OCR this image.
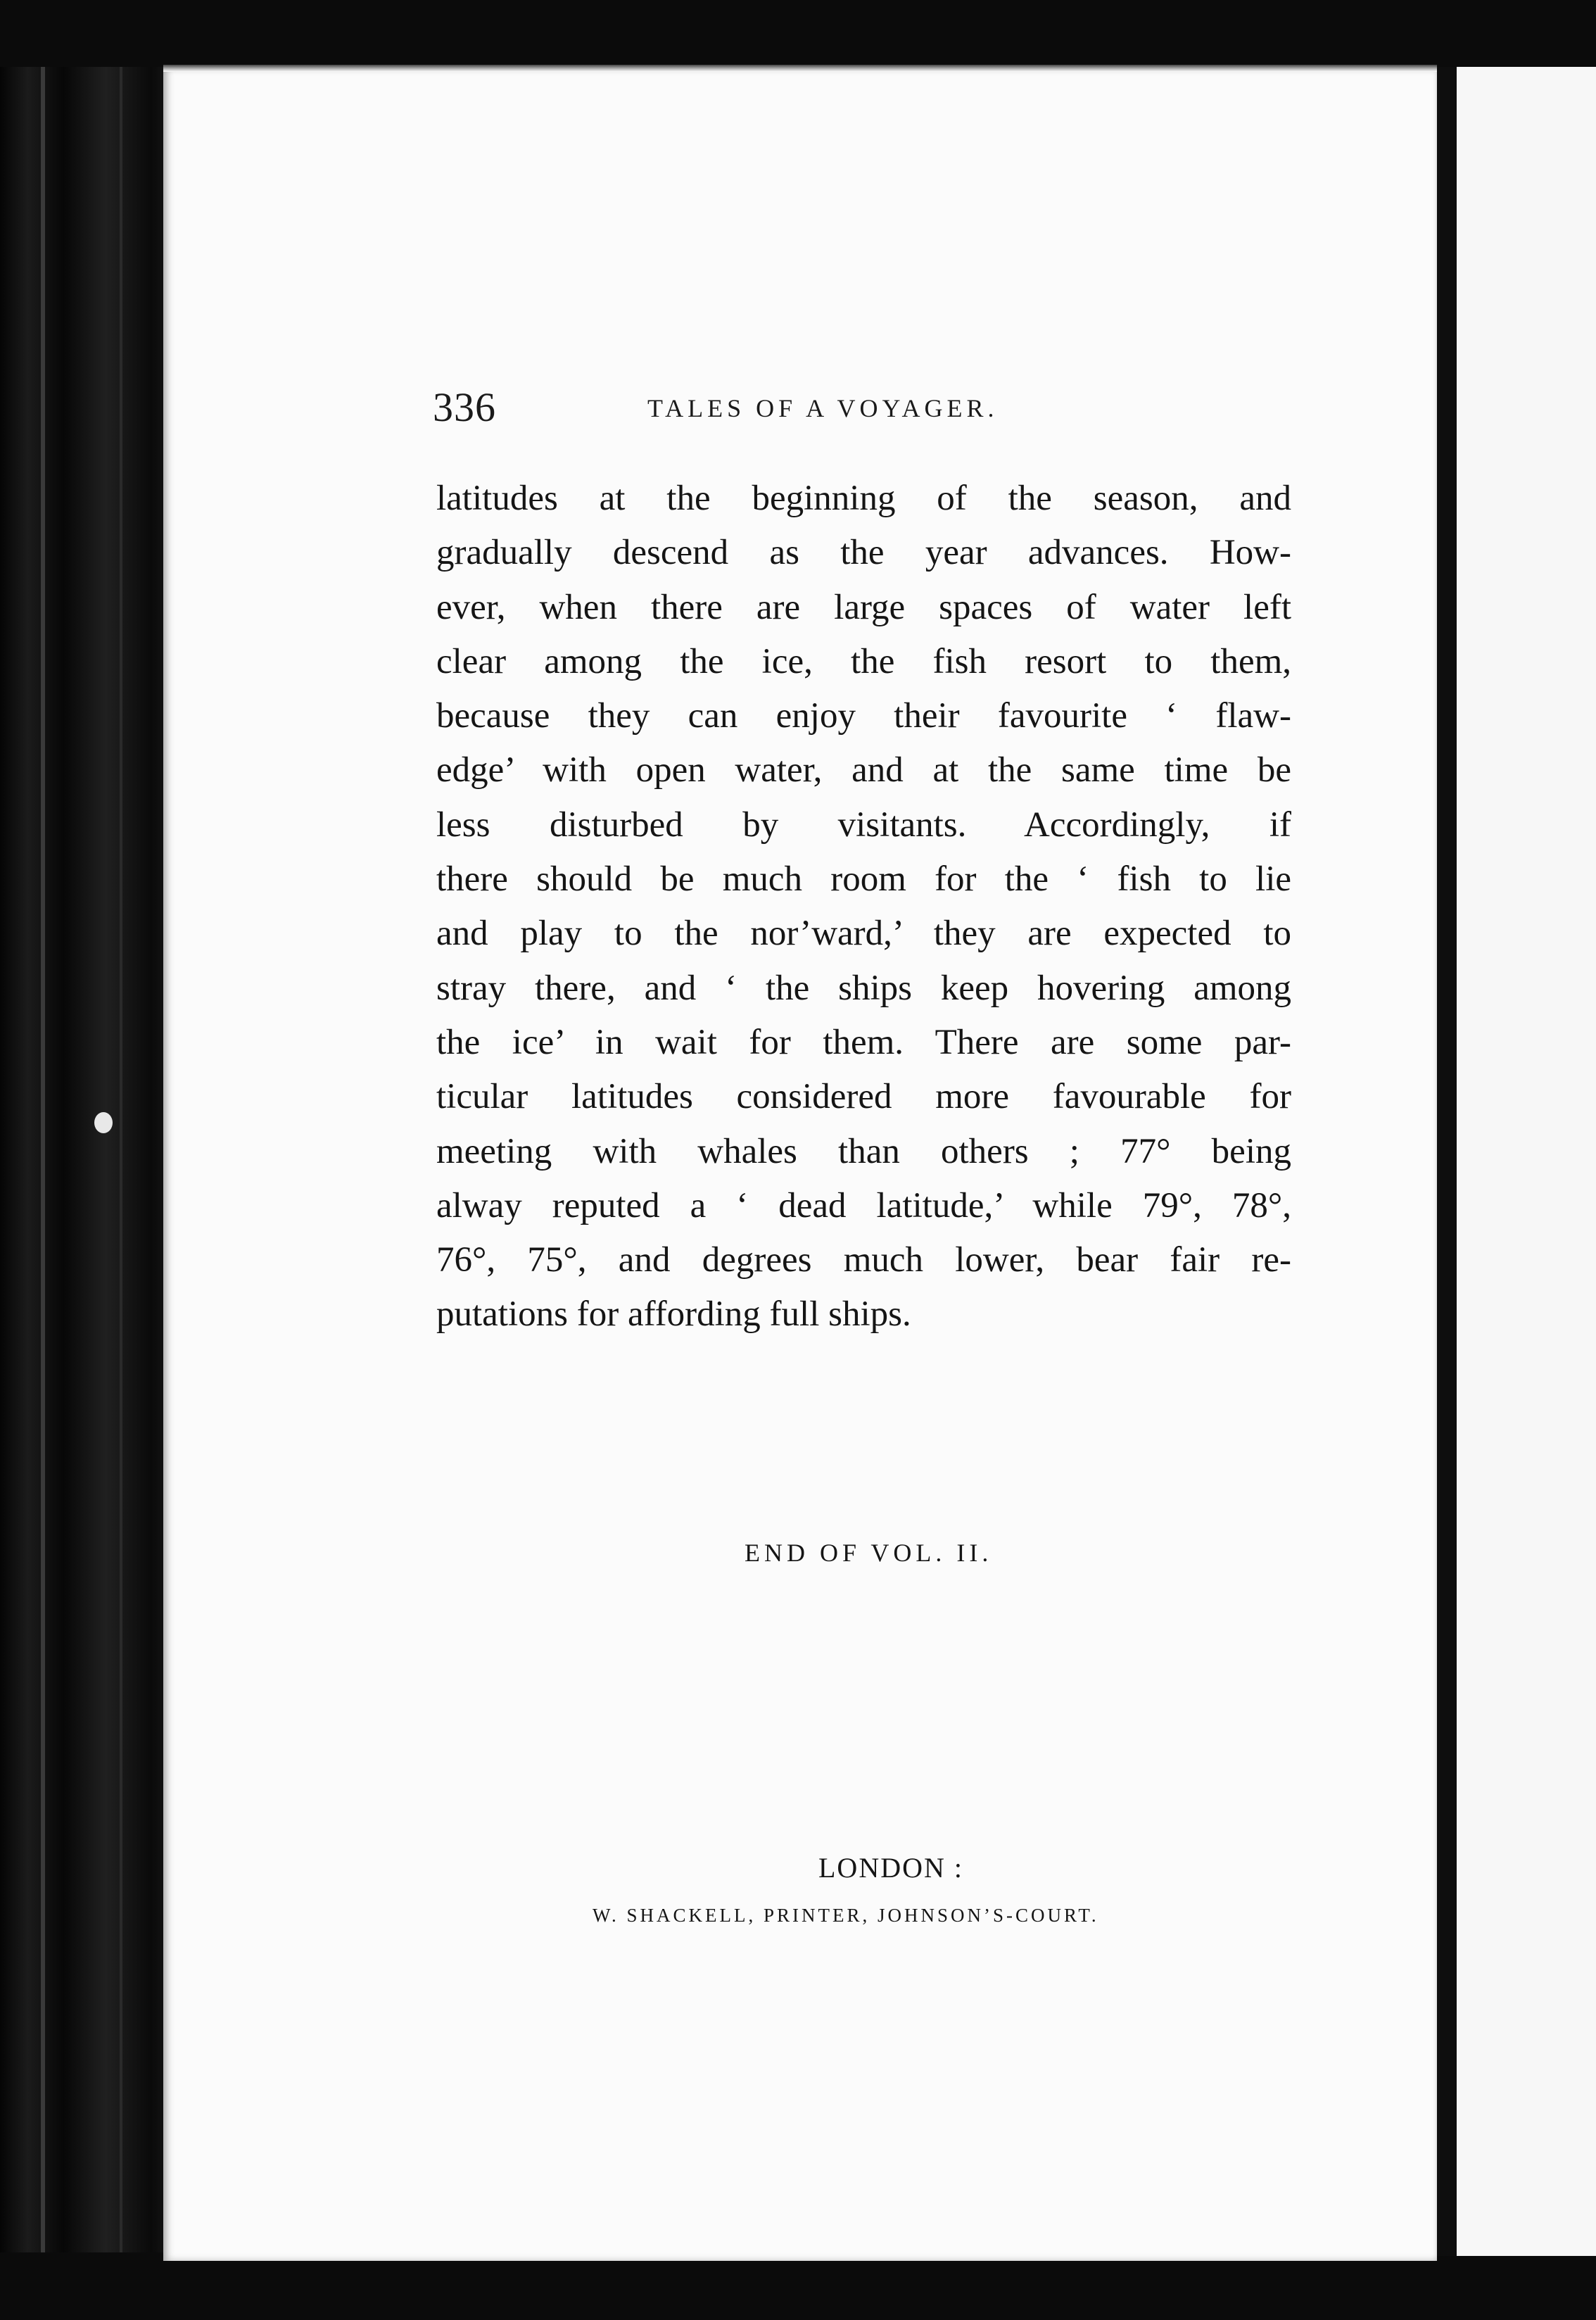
336	TALES OF A VOYAGER.
latitudes at the beginning of the season, and
gradually descend as the year advances. How-
ever, when there are large spaces of water left
clear among the ice, the fish resort to them,
because they can enjoy their favourite ‘ flaw-
edge’ with open water, and at the same time be
less disturbed by visitants. Accordingly, if
there should be much room for the ‘ fish to lie
and play to the nor’ward,’ they are expected to
stray there, and ‘ the ships keep hovering among
the ice’ in wait for them. There are some par-
ticular latitudes considered more favourable for
meeting with whales than others ; 77° being
alway reputed a ‘ dead latitude,’ while 79°, 78°,
76°, 75°, and degrees much lower, bear fair re-
putations for affording full ships.
END OF VOL. II.
LONDON :
W. SHACKELL, PRINTER, JOHNSON’S-COURT.
